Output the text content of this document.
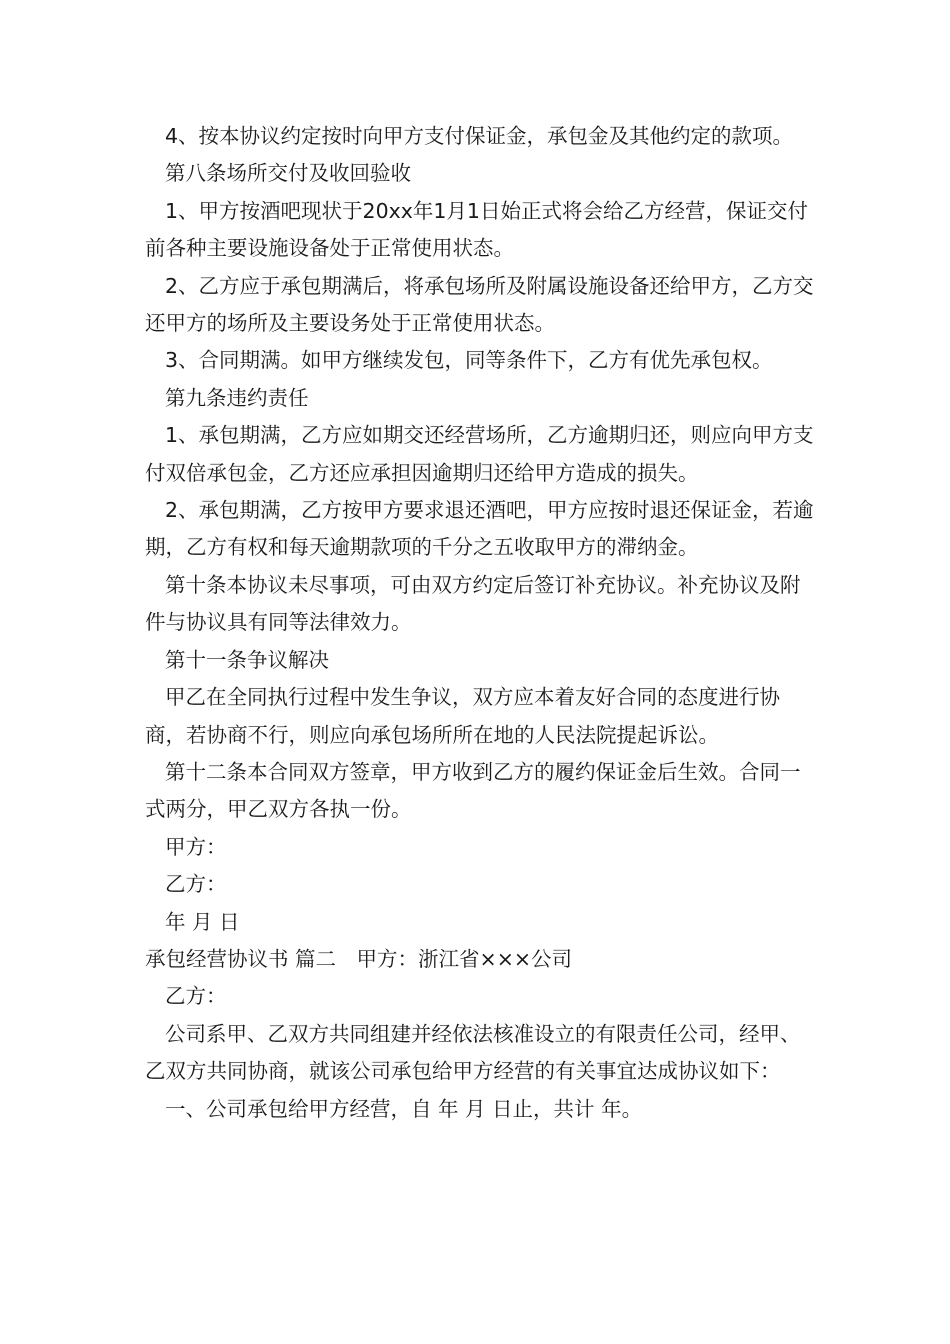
4、按本协议约定按时向甲方支付保证金，承包金及其他约定的款项。

第八条场所交付及收回验收

1、甲方按酒吧现状于20xx年1月1日始正式将会给乙方经营，保证交付前各种主要设施设备处于正常使用状态。

2、乙方应于承包期满后，将承包场所及附属设施设备还给甲方，乙方交还甲方的场所及主要设务处于正常使用状态。

3、合同期满。如甲方继续发包，同等条件下，乙方有优先承包权。

第九条违约责任

1、承包期满，乙方应如期交还经营场所，乙方逾期归还，则应向甲方支付双倍承包金，乙方还应承担因逾期归还给甲方造成的损失。

2、承包期满，乙方按甲方要求退还酒吧，甲方应按时退还保证金，若逾期，乙方有权和每天逾期款项的千分之五收取甲方的滞纳金。

第十条本协议未尽事项，可由双方约定后签订补充协议。补充协议及附件与协议具有同等法律效力。

第十一条争议解决

甲乙在全同执行过程中发生争议，双方应本着友好合同的态度进行协商，若协商不行，则应向承包场所所在地的人民法院提起诉讼。

第十二条本合同双方签章，甲方收到乙方的履约保证金后生效。合同一式两分，甲乙双方各执一份。

甲方：

乙方：

年 月 日

承包经营协议书 篇二　甲方：浙江省×××公司

乙方：

公司系甲、乙双方共同组建并经依法核准设立的有限责任公司，经甲、乙双方共同协商，就该公司承包给甲方经营的有关事宜达成协议如下：

一、公司承包给甲方经营，自 年 月 日止，共计 年。
